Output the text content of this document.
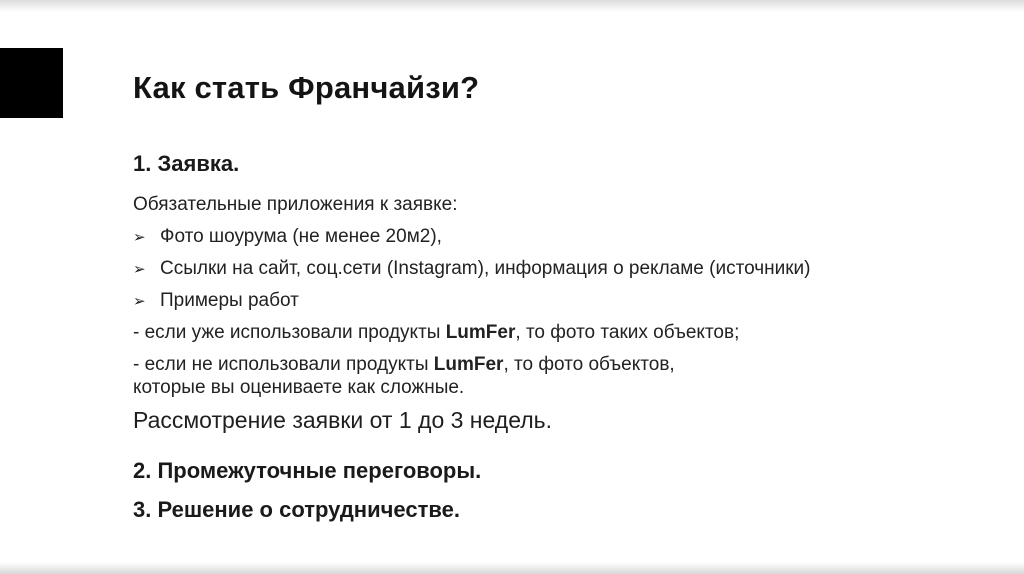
Как стать Франчайзи?
1. Заявка.
Обязательные приложения к заявке:
➢ Фото шоурума (не менее 20м2),
➢ Ссылки на сайт, соц.сети (Instagram), информация о рекламе (источники)
➢ Примеры работ
- если уже использовали продукты LumFer, то фото таких объектов;
- если не использовали продукты LumFer, то фото объектов,
которые вы оцениваете как сложные.
Рассмотрение заявки от 1 до 3 недель.
2. Промежуточные переговоры.
3. Решение о сотрудничестве.
